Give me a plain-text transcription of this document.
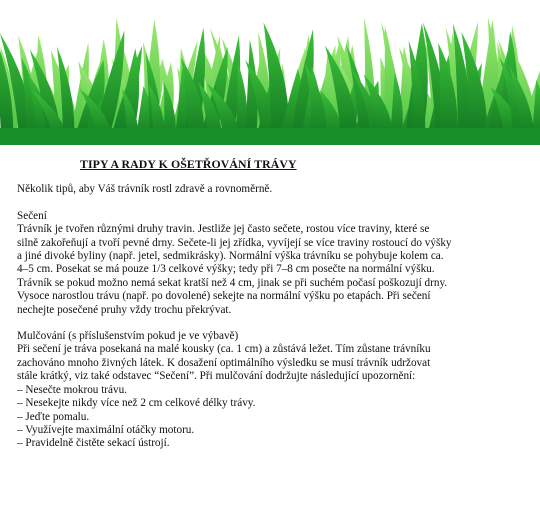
TIPY A RADY K OŠETŘOVÁNÍ TRÁVY

Několik tipů, aby Váš trávník rostl zdravě a rovnoměrně.

Sečení

Trávník je tvořen různými druhy travin. Jestliže jej často sečete, rostou více traviny, které se
silně zakořeňují a tvoří pevné drny. Sečete-li jej zřídka, vyvíjejí se více traviny rostoucí do výšky
a jiné divoké byliny (např. jetel, sedmikrásky). Normální výška trávníku se pohybuje kolem ca.
4–5 cm. Posekat se má pouze 1/3 celkové výšky; tedy při 7–8 cm posečte na normální výšku.
Trávník se pokud možno nemá sekat kratší než 4 cm, jinak se při suchém počasí poškozují drny.
Vysoce narostlou trávu (např. po dovolené) sekejte na normální výšku po etapách. Při sečení
nechejte posečené pruhy vždy trochu překrývat.

Mulčování (s příslušenstvím pokud je ve výbavě)

Při sečení je tráva posekaná na malé kousky (ca. 1 cm) a zůstává ležet. Tím zůstane trávníku
zachováno mnoho živných látek. K dosažení optimálního výsledku se musí trávník udržovat
stále krátký, viz také odstavec “Sečení”. Při mulčování dodržujte následující upozornění:

– Nesečte mokrou trávu.
– Nesekejte nikdy více než 2 cm celkové délky trávy.
– Jeďte pomalu.
– Využívejte maximální otáčky motoru.
– Pravidelně čistěte sekací ústrojí.
